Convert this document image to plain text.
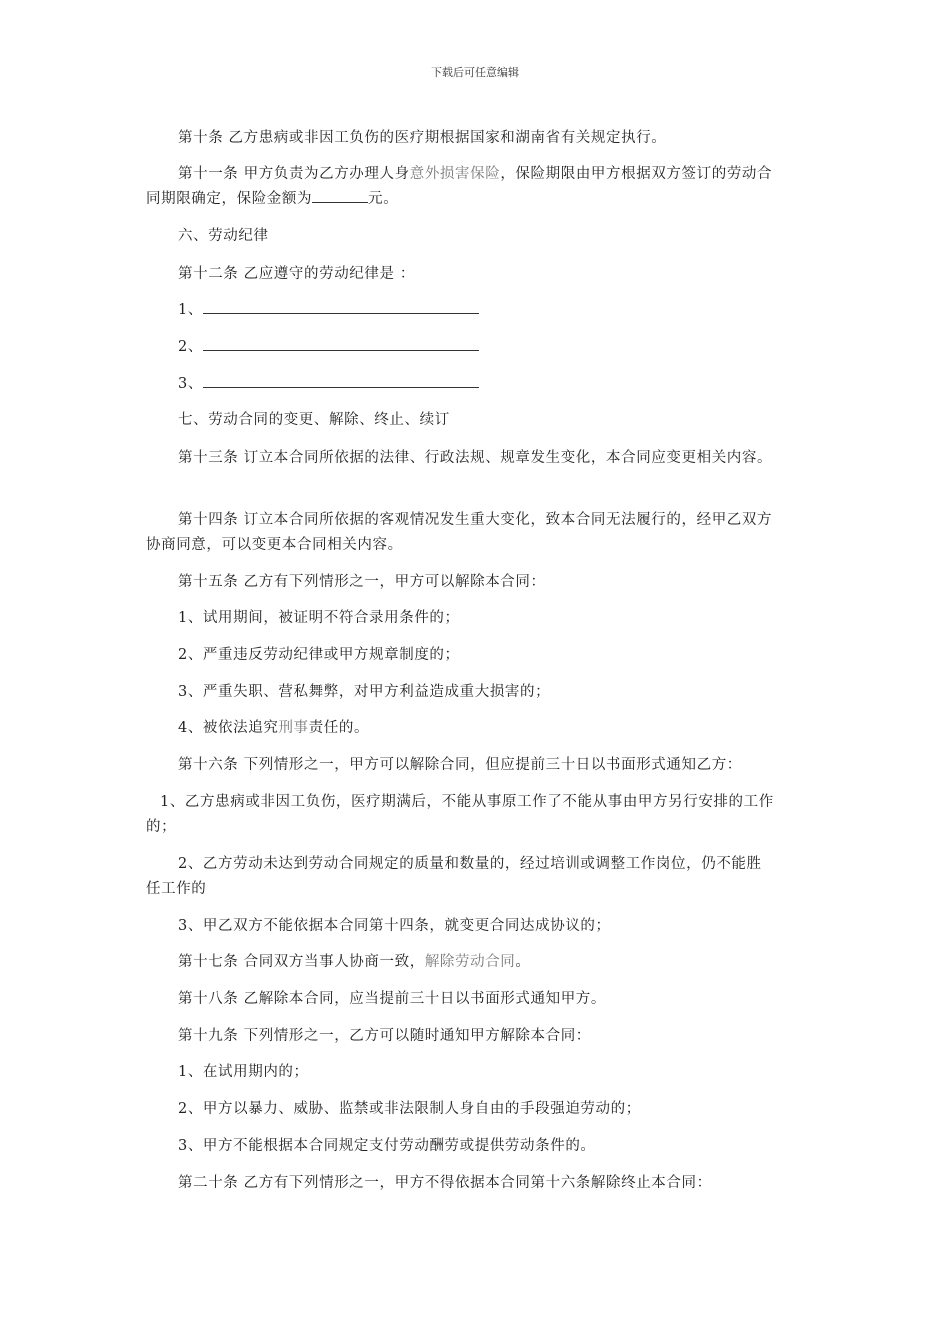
下载后可任意编辑
第十条 乙方患病或非因工负伤的医疗期根据国家和湖南省有关规定执行。
第十一条 甲方负责为乙方办理人身意外损害保险，保险期限由甲方根据双方签订的劳动合同期限确定，保险金额为	元。
六、劳动纪律
第十二条 乙应遵守的劳动纪律是 ：
1、
2、
3、
七、劳动合同的变更、解除、终止、续订
第十三条 订立本合同所依据的法律、行政法规、规章发生变化，本合同应变更相关内容。
第十四条 订立本合同所依据的客观情况发生重大变化，致本合同无法履行的，经甲乙双方协商同意，可以变更本合同相关内容。
第十五条 乙方有下列情形之一，甲方可以解除本合同：
1、试用期间，被证明不符合录用条件的；
2、严重违反劳动纪律或甲方规章制度的；
3、严重失职、营私舞弊，对甲方利益造成重大损害的；
4、被依法追究刑事责任的。
第十六条 下列情形之一，甲方可以解除合同，但应提前三十日以书面形式通知乙方：
1、乙方患病或非因工负伤，医疗期满后，不能从事原工作了不能从事由甲方另行安排的工作的；
2、乙方劳动未达到劳动合同规定的质量和数量的，经过培训或调整工作岗位，仍不能胜任工作的
3、甲乙双方不能依据本合同第十四条，就变更合同达成协议的；
第十七条 合同双方当事人协商一致，解除劳动合同。
第十八条 乙解除本合同，应当提前三十日以书面形式通知甲方。
第十九条 下列情形之一，乙方可以随时通知甲方解除本合同：
1、在试用期内的；
2、甲方以暴力、威胁、监禁或非法限制人身自由的手段强迫劳动的；
3、甲方不能根据本合同规定支付劳动酬劳或提供劳动条件的。
第二十条 乙方有下列情形之一，甲方不得依据本合同第十六条解除终止本合同：
